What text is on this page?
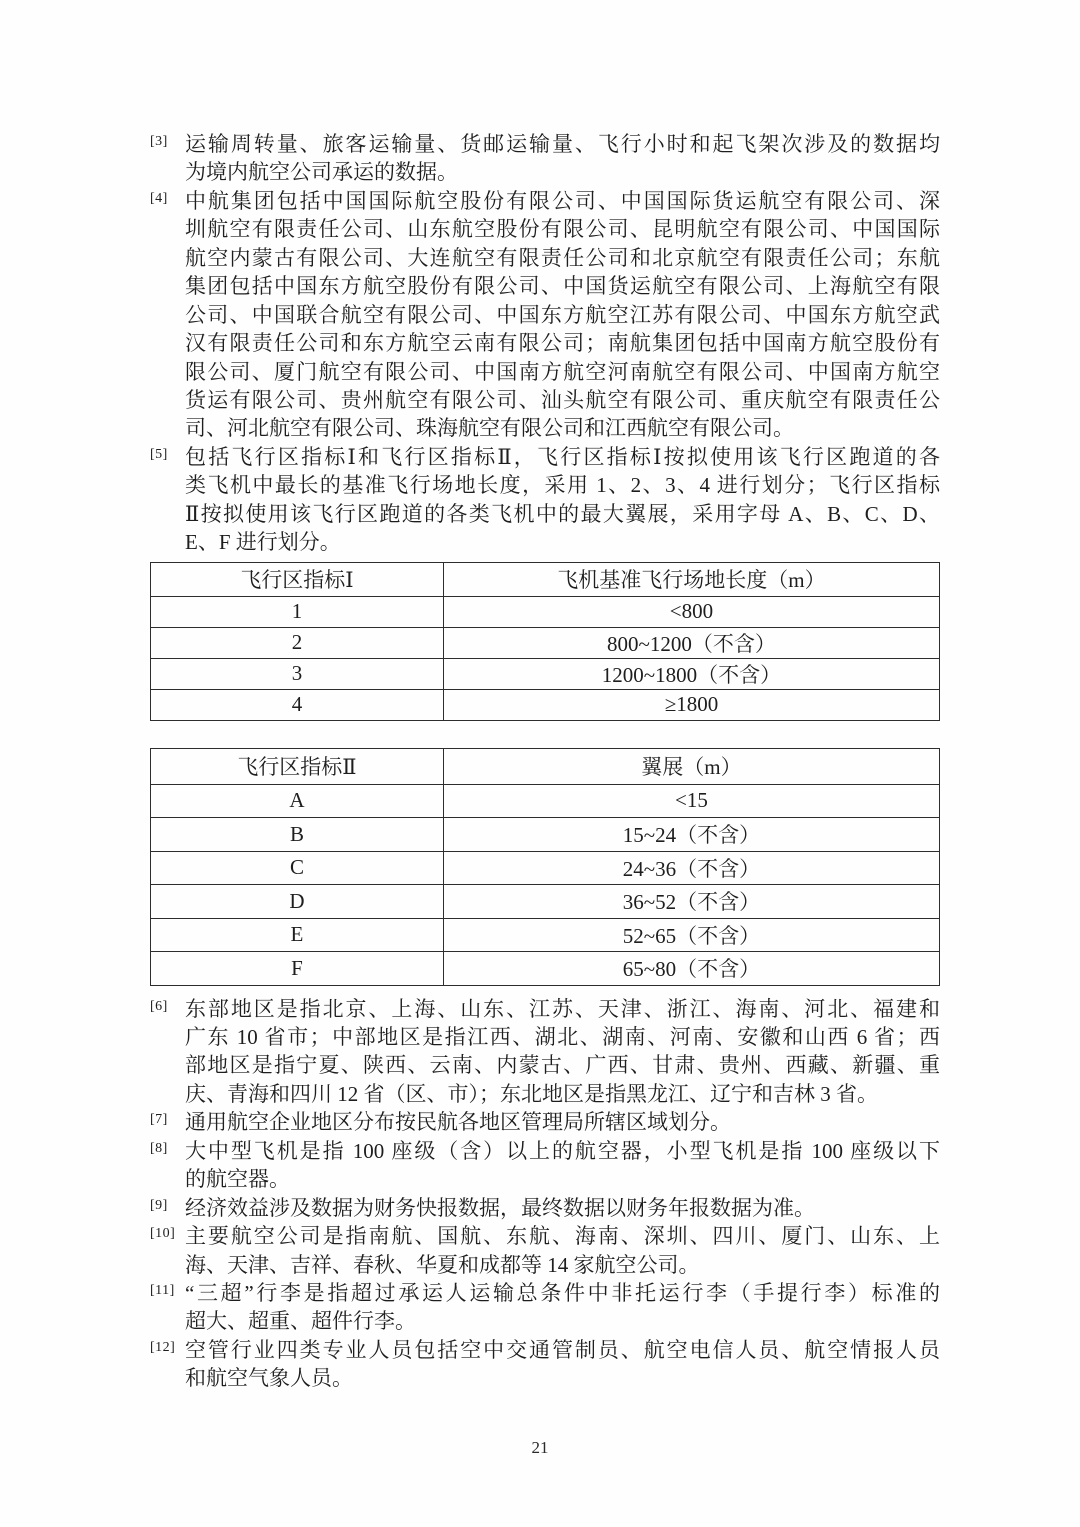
[3] 运输周转量、旅客运输量、货邮运输量、飞行小时和起飞架次涉及的数据均
为境内航空公司承运的数据。
[4] 中航集团包括中国国际航空股份有限公司、中国国际货运航空有限公司、深
圳航空有限责任公司、山东航空股份有限公司、昆明航空有限公司、中国国际
航空内蒙古有限公司、大连航空有限责任公司和北京航空有限责任公司；东航
集团包括中国东方航空股份有限公司、中国货运航空有限公司、上海航空有限
公司、中国联合航空有限公司、中国东方航空江苏有限公司、中国东方航空武
汉有限责任公司和东方航空云南有限公司；南航集团包括中国南方航空股份有
限公司、厦门航空有限公司、中国南方航空河南航空有限公司、中国南方航空
货运有限公司、贵州航空有限公司、汕头航空有限公司、重庆航空有限责任公
司、河北航空有限公司、珠海航空有限公司和江西航空有限公司。
[5] 包括飞行区指标Ⅰ和飞行区指标Ⅱ，飞行区指标Ⅰ按拟使用该飞行区跑道的各
类飞机中最长的基准飞行场地长度，采用 1、2、3、4 进行划分；飞行区指标
Ⅱ按拟使用该飞行区跑道的各类飞机中的最大翼展，采用字母 A、B、C、D、
E、F 进行划分。
飞行区指标Ⅰ	飞机基准飞行场地长度（m）
1	<800
2	800~1200（不含）
3	1200~1800（不含）
4	≥1800
飞行区指标Ⅱ	翼展（m）
A	<15
B	15~24（不含）
C	24~36（不含）
D	36~52（不含）
E	52~65（不含）
F	65~80（不含）
[6] 东部地区是指北京、上海、山东、江苏、天津、浙江、海南、河北、福建和
广东 10 省市；中部地区是指江西、湖北、湖南、河南、安徽和山西 6 省；西
部地区是指宁夏、陕西、云南、内蒙古、广西、甘肃、贵州、西藏、新疆、重
庆、青海和四川 12 省（区、市）；东北地区是指黑龙江、辽宁和吉林 3 省。
[7] 通用航空企业地区分布按民航各地区管理局所辖区域划分。
[8] 大中型飞机是指 100 座级（含）以上的航空器，小型飞机是指 100 座级以下
的航空器。
[9] 经济效益涉及数据为财务快报数据，最终数据以财务年报数据为准。
[10] 主要航空公司是指南航、国航、东航、海南、深圳、四川、厦门、山东、上
海、天津、吉祥、春秋、华夏和成都等 14 家航空公司。
[11] “三超”行李是指超过承运人运输总条件中非托运行李（手提行李）标准的
超大、超重、超件行李。
[12] 空管行业四类专业人员包括空中交通管制员、航空电信人员、航空情报人员
和航空气象人员。
21
